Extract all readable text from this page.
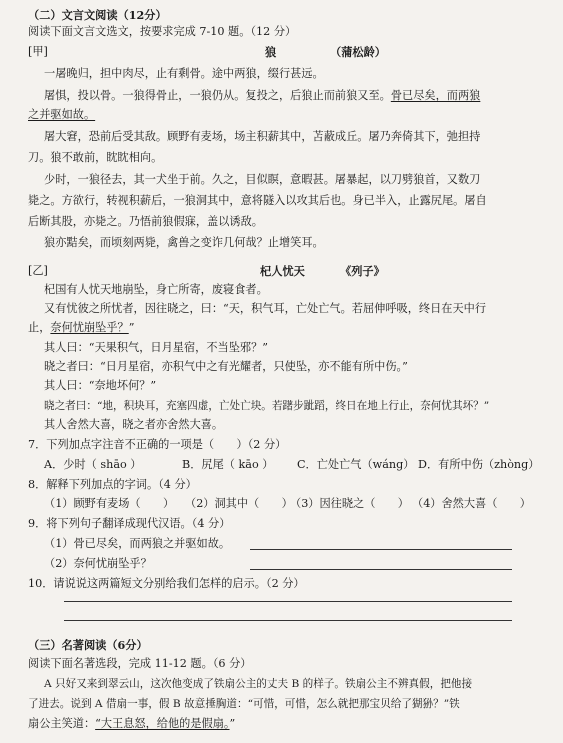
（二）文言文阅读（12分）
阅读下面文言文选文，按要求完成 7-10 题。（12 分）
[甲]	狼	（蒲松龄）
一屠晚归，担中肉尽，止有剩骨。途中两狼，缀行甚远。
屠惧，投以骨。一狼得骨止，一狼仍从。复投之，后狼止而前狼又至。骨已尽矣，而两狼
之并驱如故。
屠大窘，恐前后受其敌。顾野有麦场，场主积薪其中，苫蔽成丘。屠乃奔倚其下，弛担持
刀。狼不敢前，眈眈相向。
少时，一狼径去，其一犬坐于前。久之，目似瞑，意暇甚。屠暴起，以刀劈狼首，又数刀
毙之。方欲行，转视积薪后，一狼洞其中，意将隧入以攻其后也。身已半入，止露尻尾。屠自
后断其股，亦毙之。乃悟前狼假寐，盖以诱敌。
狼亦黠矣，而顷刻两毙，禽兽之变诈几何哉？止增笑耳。
[乙]	杞人忧天	《列子》
杞国有人忧天地崩坠，身亡所寄，废寝食者。
又有忧彼之所忧者，因往晓之，曰：“天，积气耳，亡处亡气。若屈伸呼吸，终日在天中行
止，奈何忧崩坠乎？”
其人曰：“天果积气，日月星宿，不当坠邪？”
晓之者曰：“日月星宿，亦积气中之有光耀者，只使坠，亦不能有所中伤。”
其人曰：“奈地坏何？”
晓之者曰：“地，积块耳，充塞四虚，亡处亡块。若躇步跐蹈，终日在地上行止，奈何忧其坏？”
其人舍然大喜，晓之者亦舍然大喜。
7．下列加点字注音不正确的一项是（　　）（2 分）
A．少时（ shāo ）	B．尻尾（ kāo ） C．亡处亡气（wáng） D．有所中伤（zhòng）
8．解释下列加点的字词。（4 分）
（1）顾野有麦场（　　） （2）洞其中（　　）
（3）因往晓之（　　） （4）舍然大喜（　　）
9．将下列句子翻译成现代汉语。（4 分）
（1）骨已尽矣，而两狼之并驱如故。
（2）奈何忧崩坠乎？
10．请说说这两篇短文分别给我们怎样的启示。（2 分）
（三）名著阅读（6分）
阅读下面名著选段，完成 11-12 题。（6 分）
A 只好又来到翠云山，这次他变成了铁扇公主的丈夫 B 的样子。铁扇公主不辨真假，把他接
了进去。说到 A 借扇一事，假 B 故意捶胸道：“可惜，可惜，怎么就把那宝贝给了猢狲？”铁
扇公主笑道：“大王息怒，给他的是假扇。”
